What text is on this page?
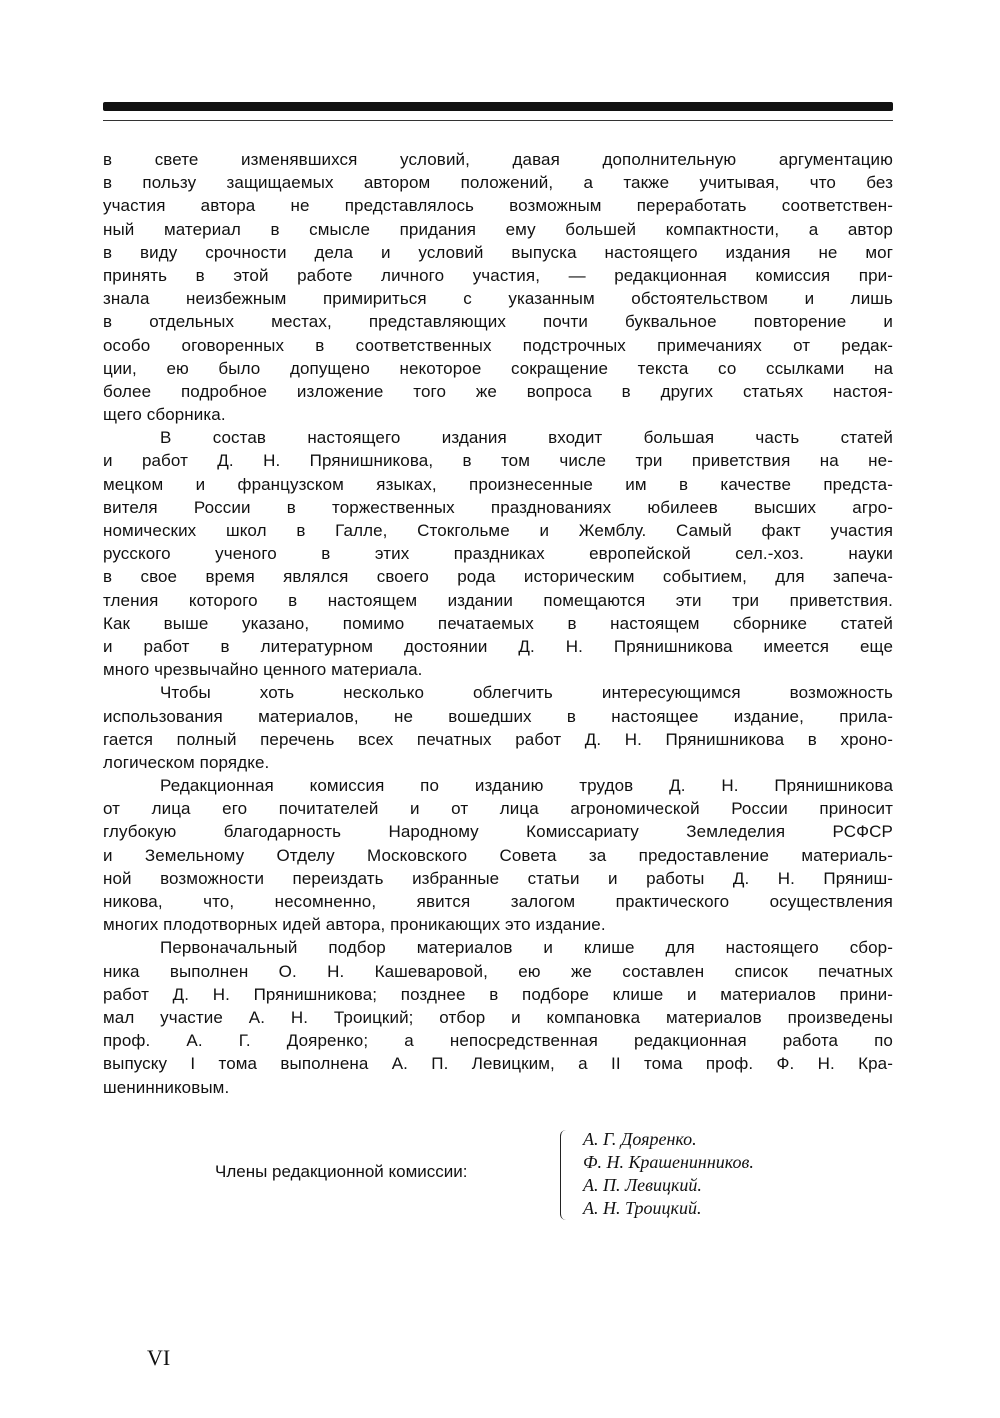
в свете изменявшихся условий, давая дополнительную аргументацию
в пользу защищаемых автором положений, а также учитывая, что без
участия автора не представлялось возможным переработать соответствен-
ный материал в смысле придания ему большей компактности, а автор
в виду срочности дела и условий выпуска настоящего издания не мог
принять в этой работе личного участия, — редакционная комиссия при-
знала неизбежным примириться с указанным обстоятельством и лишь
в отдельных местах, представляющих почти буквальное повторение и
особо оговоренных в соответственных подстрочных примечаниях от редак-
ции, ею было допущено некоторое сокращение текста со ссылками на
более подробное изложение того же вопроса в других статьях настоя-
щего сборника.
В состав настоящего издания входит большая часть статей
и работ Д. Н. Прянишникова, в том числе три приветствия на не-
мецком и французском языках, произнесенные им в качестве предста-
вителя России в торжественных празднованиях юбилеев высших агро-
номических школ в Галле, Стокгольме и Жемблу. Самый факт участия
русского ученого в этих праздниках европейской сел.-хоз. науки
в свое время являлся своего рода историческим событием, для запеча-
тления которого в настоящем издании помещаются эти три приветствия.
Как выше указано, помимо печатаемых в настоящем сборнике статей
и работ в литературном достоянии Д. Н. Прянишникова имеется еще
много чрезвычайно ценного материала.
Чтобы хоть несколько облегчить интересующимся возможность
использования материалов, не вошедших в настоящее издание, прила-
гается полный перечень всех печатных работ Д. Н. Прянишникова в хроно-
логическом порядке.
Редакционная комиссия по изданию трудов Д. Н. Прянишникова
от лица его почитателей и от лица агрономической России приносит
глубокую благодарность Народному Комиссариату Земледелия РСФСР
и Земельному Отделу Московского Совета за предоставление материаль-
ной возможности переиздать избранные статьи и работы Д. Н. Пряниш-
никова, что, несомненно, явится залогом практического осуществления
многих плодотворных идей автора, проникающих это издание.
Первоначальный подбор материалов и клише для настоящего сбор-
ника выполнен О. Н. Кашеваровой, ею же составлен список печатных
работ Д. Н. Прянишникова; позднее в подборе клише и материалов прини-
мал участие А. Н. Троицкий; отбор и компановка материалов произведены
проф. А. Г. Дояренко; а непосредственная редакционная работа по
выпуску I тома выполнена А. П. Левицким, а II тома проф. Ф. Н. Кра-
шенинниковым.
Члены редакционной комиссии:
А. Г. Дояренко.
Ф. Н. Крашенинников.
А. П. Левицкий.
А. Н. Троицкий.
VI
